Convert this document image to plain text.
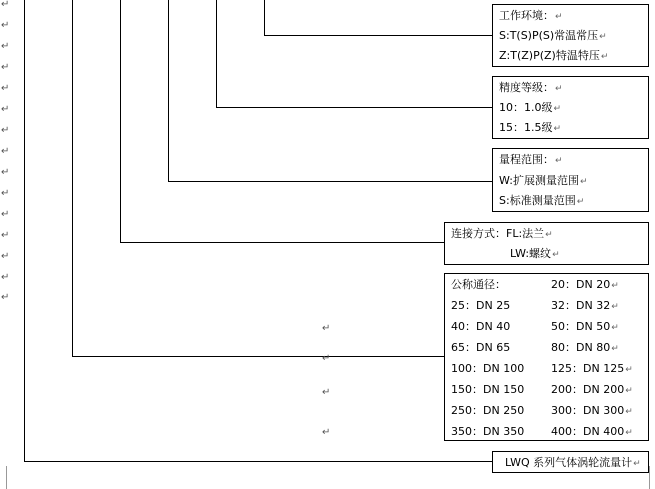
↵
↵
↵
↵
↵
↵
↵
↵
↵
↵
↵
↵
↵
↵
↵
工作环境：↵
S:T(S)P(S)常温常压↵
Z:T(Z)P(Z)特温特压↵
精度等级：↵
10：1.0级↵
15：1.5级↵
量程范围：↵
W:扩展测量范围↵
S:标准测量范围↵
连接方式：FL:法兰↵
LW:螺纹↵
公称通径：	20：DN 20↵
25：DN 25	32：DN 32↵
40：DN 40	50：DN 50↵
65：DN 65	80：DN 80↵
100：DN 100 125：DN 125↵
150：DN 150 200：DN 200↵
250：DN 250 300：DN 300↵
350：DN 350 400：DN 400↵
↵
↵
↵
↵
LWQ 系列气体涡轮流量计↵
